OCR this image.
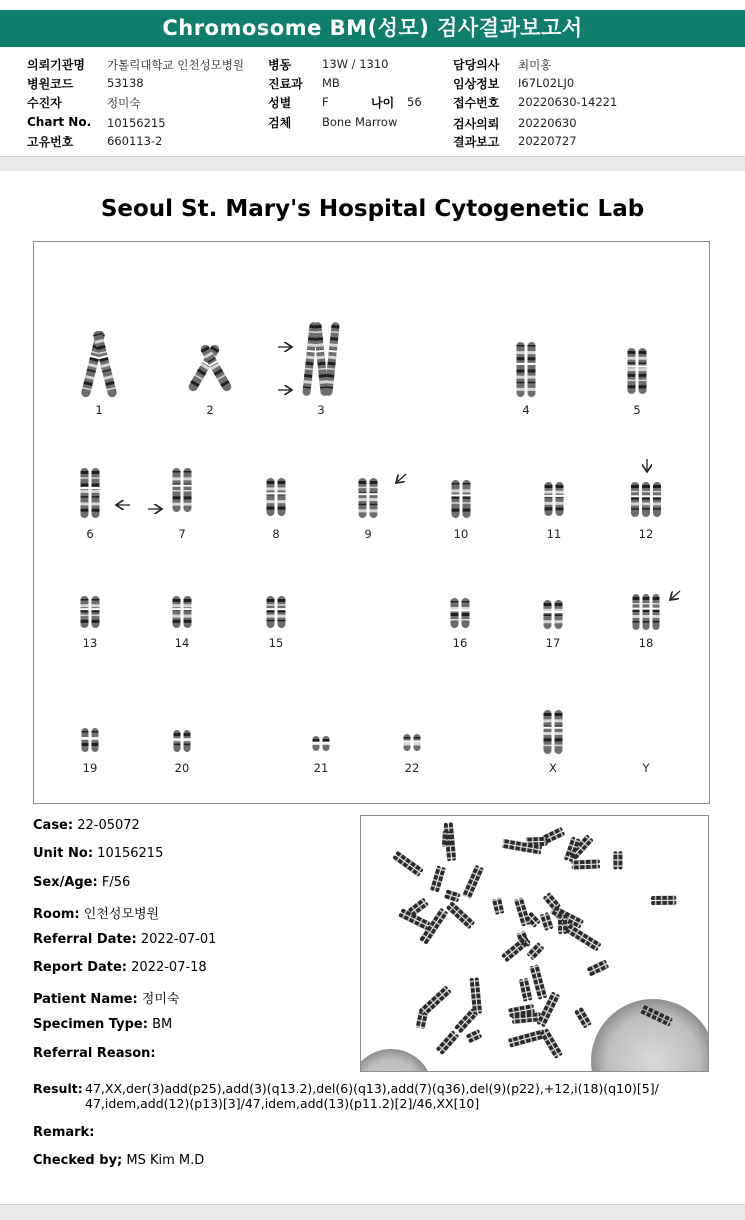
Chromosome BM(성모) 검사결과보고서
의뢰기관명 가톨릭대학교 인천성모병원
병원코드	53138
수진자	정미숙
Chart No. 10156215
고유번호	660113-2
병동	13W / 1310
진료과 MB
성별	F	나이 56
검체	Bone Marrow
담당의사 최미홍
임상정보 I67L02LJ0
접수번호 20220630-14221
검사의뢰 20220630
결과보고 20220727
Seoul St. Mary's Hospital Cytogenetic Lab
1	2	3	4	5
6	7	8	9	10	11	12
13	14	15	16	17	18
19	20	21	22	X	Y
Case: 22-05072
Unit No: 10156215
Sex/Age: F/56
Room: 인천성모병원
Referral Date: 2022-07-01
Report Date: 2022-07-18
Patient Name: 정미숙
Specimen Type: BM
Referral Reason:
Result: 47,XX,der(3)add(p25),add(3)(q13.2),del(6)(q13),add(7)(q36),del(9)(p22),+12,i(18)(q10)[5]/
47,idem,add(12)(p13)[3]/47,idem,add(13)(p11.2)[2]/46,XX[10]
Remark:
Checked by; MS Kim M.D
